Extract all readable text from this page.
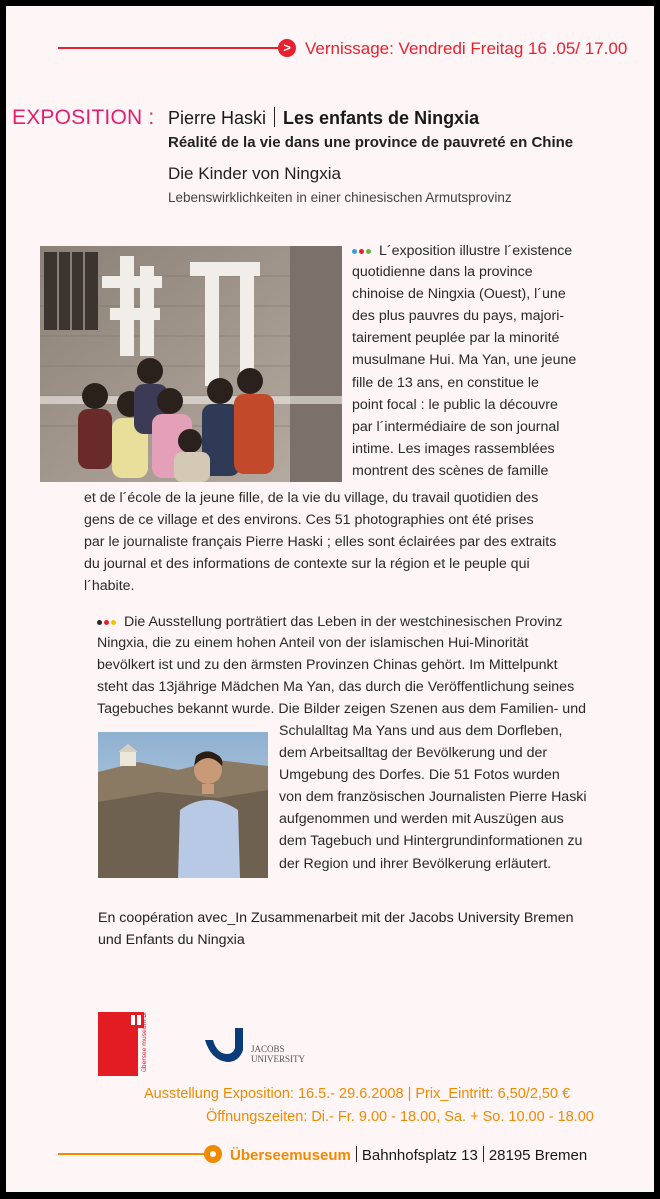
> Vernissage: Vendredi Freitag 16 .05/ 17.00
EXPOSITION : Pierre Haski Les enfants de Ningxia
Réalité de la vie dans une province de pauvreté en Chine
Die Kinder von Ningxia
Lebenswirklichkeiten in einer chinesischen Armutsprovinz
L´exposition illustre l´existence
quotidienne dans la province
chinoise de Ningxia (Ouest), l´une
des plus pauvres du pays, majori-
tairement peuplée par la minorité
musulmane Hui. Ma Yan, une jeune
fille de 13 ans, en constitue le
point focal : le public la découvre
par l´intermédiaire de son journal
intime. Les images rassemblées
montrent des scènes de famille
et de l´école de la jeune fille, de la vie du village, du travail quotidien des
gens de ce village et des environs. Ces 51 photographies ont été prises
par le journaliste français Pierre Haski ; elles sont éclairées par des extraits
du journal et des informations de contexte sur la région et le peuple qui
l´habite.
Die Ausstellung porträtiert das Leben in der westchinesischen Provinz
Ningxia, die zu einem hohen Anteil von der islamischen Hui-Minorität
bevölkert ist und zu den ärmsten Provinzen Chinas gehört. Im Mittelpunkt
steht das 13jährige Mädchen Ma Yan, das durch die Veröffentlichung seines
Tagebuches bekannt wurde. Die Bilder zeigen Szenen aus dem Familien- und
Schulalltag Ma Yans und aus dem Dorfleben,
dem Arbeitsalltag der Bevölkerung und der
Umgebung des Dorfes. Die 51 Fotos wurden
von dem französischen Journalisten Pierre Haski
aufgenommen und werden mit Auszügen aus
dem Tagebuch und Hintergrundinformationen zu
der Region und ihrer Bevölkerung erläutert.
En coopération avec_In Zusammenarbeit mit der Jacobs University Bremen
und Enfants du Ningxia
übersee museum bremen	JACOBS
UNIVERSITY
Ausstellung Exposition: 16.5.- 29.6.2008 | Prix_Eintritt: 6,50/2,50 €
Öffnungszeiten: Di.- Fr. 9.00 - 18.00, Sa. + So. 10.00 - 18.00
Überseemuseum Bahnhofsplatz 13 28195 Bremen
